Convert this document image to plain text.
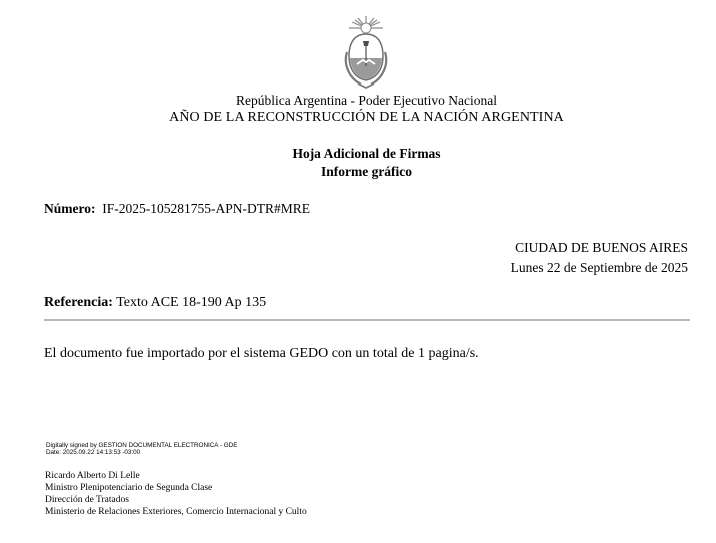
República Argentina - Poder Ejecutivo Nacional
AÑO DE LA RECONSTRUCCIÓN DE LA NACIÓN ARGENTINA
Hoja Adicional de Firmas
Informe gráfico
Número: IF-2025-105281755-APN-DTR#MRE
CIUDAD DE BUENOS AIRES
Lunes 22 de Septiembre de 2025
Referencia: Texto ACE 18-190 Ap 135
El documento fue importado por el sistema GEDO con un total de 1 pagina/s.
Digitally signed by GESTION DOCUMENTAL ELECTRONICA - GDE
Date: 2025.09.22 14:13:53 -03:00
Ricardo Alberto Di Lelle
Ministro Plenipotenciario de Segunda Clase
Dirección de Tratados
Ministerio de Relaciones Exteriores, Comercio Internacional y Culto
